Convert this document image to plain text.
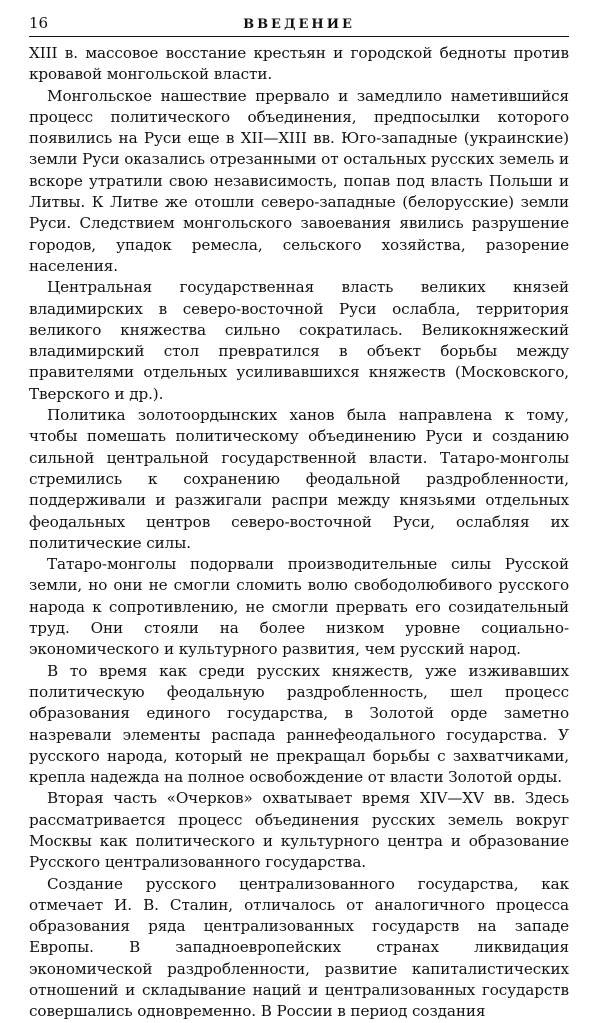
16	ВВЕДЕНИЕ

XIII в. массовое восстание крестьян и городской бедноты против кровавой монгольской власти.

Монгольское нашествие прервало и замедлило наметившийся процесс политического объединения, предпосылки которого появились на Руси еще в XII—XIII вв. Юго-западные (украинские) земли Руси оказались отрезанными от остальных русских земель и вскоре утратили свою независимость, попав под власть Польши и Литвы. К Литве же отошли северо-западные (белорусские) земли Руси. Следствием монгольского завоевания явились разрушение городов, упадок ремесла, сельского хозяйства, разорение населения.

Центральная государственная власть великих князей владимирских в северо-восточной Руси ослабла, территория великого княжества сильно сократилась. Великокняжеский владимирский стол превратился в объект борьбы между правителями отдельных усиливавшихся княжеств (Московского, Тверского и др.).

Политика золотоордынских ханов была направлена к тому, чтобы помешать политическому объединению Руси и созданию сильной центральной государственной власти. Татаро-монголы стремились к сохранению феодальной раздробленности, поддерживали и разжигали распри между князьями отдельных феодальных центров северо-восточной Руси, ослабляя их политические силы.

Татаро-монголы подорвали производительные силы Русской земли, но они не смогли сломить волю свободолюбивого русского народа к сопротивлению, не смогли прервать его созидательный труд. Они стояли на более низком уровне социально-экономического и культурного развития, чем русский народ.

В то время как среди русских княжеств, уже изживавших политическую феодальную раздробленность, шел процесс образования единого государства, в Золотой орде заметно назревали элементы распада раннефеодального государства. У русского народа, который не прекращал борьбы с захватчиками, крепла надежда на полное освобождение от власти Золотой орды.

Вторая часть «Очерков» охватывает время XIV—XV вв. Здесь рассматривается процесс объединения русских земель вокруг Москвы как политического и культурного центра и образование Русского централизованного государства.

Создание русского централизованного государства, как отмечает И. В. Сталин, отличалось от аналогичного процесса образования ряда централизованных государств на западе Европы. В западноевропейских странах ликвидация экономической раздробленности, развитие капиталистических отношений и складывание наций и централизованных государств совершались одновременно. В России в период создания
